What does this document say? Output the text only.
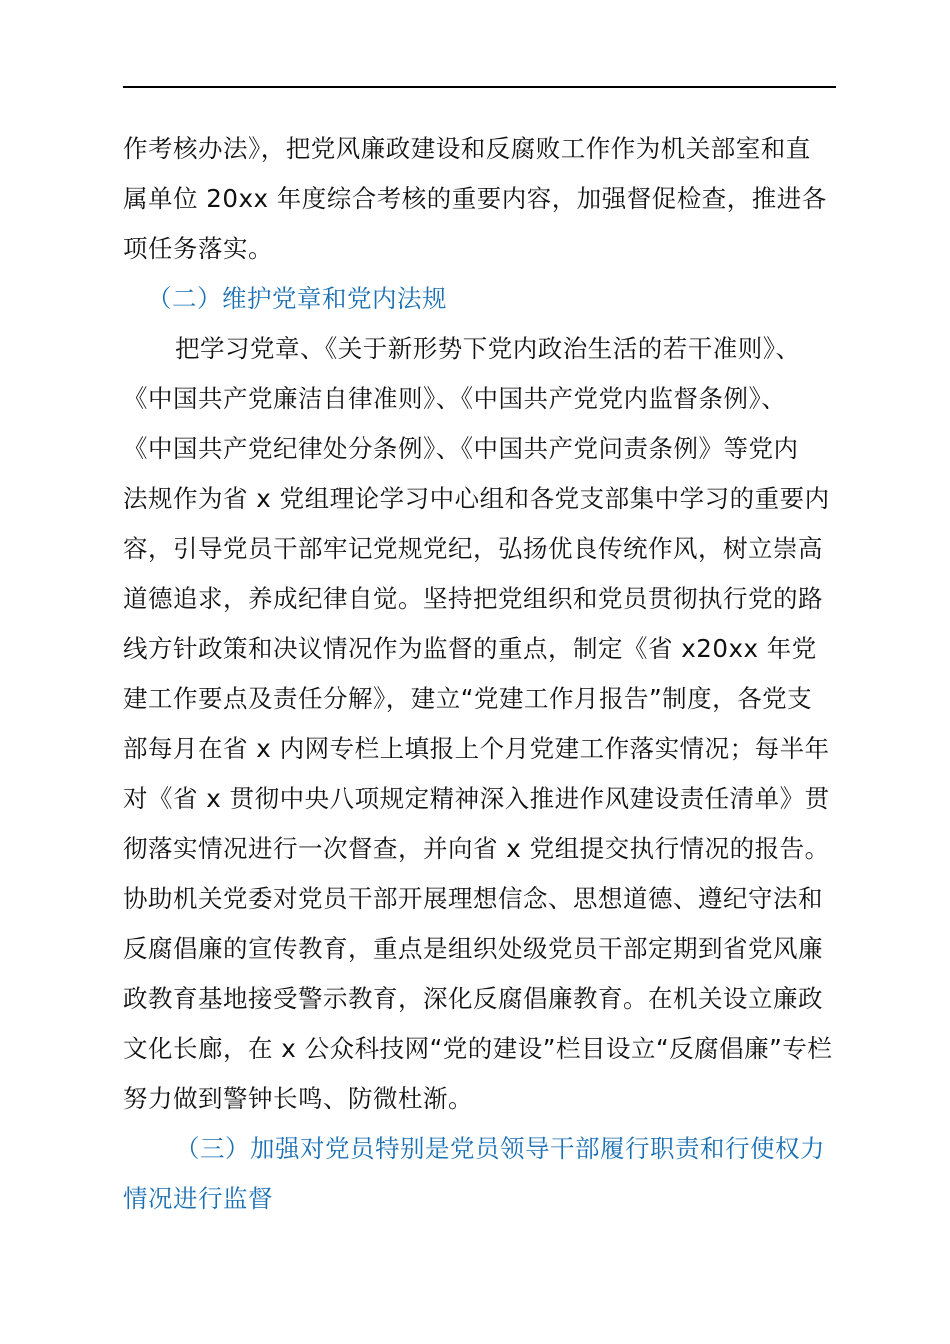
作考核办法》，把党风廉政建设和反腐败工作作为机关部室和直
属单位 20xx 年度综合考核的重要内容，加强督促检查，推进各
项任务落实。
（二）维护党章和党内法规
把学习党章、《关于新形势下党内政治生活的若干准则》、
《中国共产党廉洁自律准则》、《中国共产党党内监督条例》、
《中国共产党纪律处分条例》、《中国共产党问责条例》等党内
法规作为省 x 党组理论学习中心组和各党支部集中学习的重要内
容，引导党员干部牢记党规党纪，弘扬优良传统作风，树立崇高
道德追求，养成纪律自觉。坚持把党组织和党员贯彻执行党的路
线方针政策和决议情况作为监督的重点，制定《省 x20xx 年党
建工作要点及责任分解》，建立“党建工作月报告”制度，各党支
部每月在省 x 内网专栏上填报上个月党建工作落实情况；每半年
对《省 x 贯彻中央八项规定精神深入推进作风建设责任清单》贯
彻落实情况进行一次督查，并向省 x 党组提交执行情况的报告。
协助机关党委对党员干部开展理想信念、思想道德、遵纪守法和
反腐倡廉的宣传教育，重点是组织处级党员干部定期到省党风廉
政教育基地接受警示教育，深化反腐倡廉教育。在机关设立廉政
文化长廊，在 x 公众科技网“党的建设”栏目设立“反腐倡廉”专栏
努力做到警钟长鸣、防微杜渐。
（三）加强对党员特别是党员领导干部履行职责和行使权力
情况进行监督
